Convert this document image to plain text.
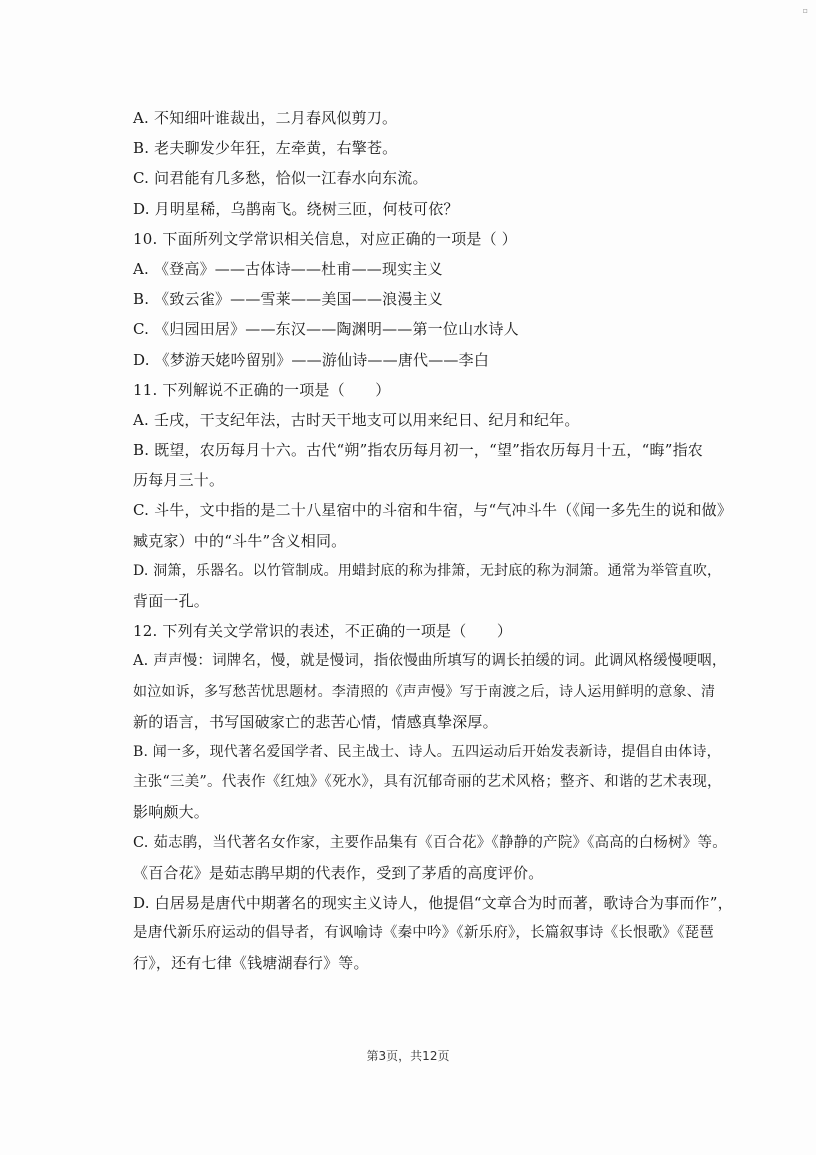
▫
A. 不知细叶谁裁出，二月春风似剪刀。
B. 老夫聊发少年狂，左牵黄，右擎苍。
C. 问君能有几多愁，恰似一江春水向东流。
D. 月明星稀，乌鹊南飞。绕树三匝，何枝可依？
10. 下面所列文学常识相关信息，对应正确的一项是（ ）
A. 《登高》——古体诗——杜甫——现实主义
B. 《致云雀》——雪莱——美国——浪漫主义
C. 《归园田居》——东汉——陶渊明——第一位山水诗人
D. 《梦游天姥吟留别》——游仙诗——唐代——李白
11. 下列解说不正确的一项是（　　）
A. 壬戌，干支纪年法，古时天干地支可以用来纪日、纪月和纪年。
B. 既望，农历每月十六。古代“朔”指农历每月初一，“望”指农历每月十五，“晦”指农
历每月三十。
C. 斗牛，文中指的是二十八星宿中的斗宿和牛宿，与“气冲斗牛（《闻一多先生的说和做》
臧克家）中的“斗牛”含义相同。
D. 洞箫，乐器名。以竹管制成。用蜡封底的称为排箫，无封底的称为洞箫。通常为举管直吹，
背面一孔。
12. 下列有关文学常识的表述，不正确的一项是（　　）
A. 声声慢：词牌名，慢，就是慢词，指依慢曲所填写的调长拍缓的词。此调风格缓慢哽咽，
如泣如诉，多写愁苦忧思题材。李清照的《声声慢》写于南渡之后，诗人运用鲜明的意象、清
新的语言，书写国破家亡的悲苦心情，情感真挚深厚。
B. 闻一多，现代著名爱国学者、民主战士、诗人。五四运动后开始发表新诗，提倡自由体诗，
主张“三美”。代表作《红烛》《死水》，具有沉郁奇丽的艺术风格；整齐、和谐的艺术表现，
影响颇大。
C. 茹志鹃，当代著名女作家，主要作品集有《百合花》《静静的产院》《高高的白杨树》等。
《百合花》是茹志鹃早期的代表作，受到了茅盾的高度评价。
D. 白居易是唐代中期著名的现实主义诗人，他提倡“文章合为时而著，歌诗合为事而作”，
是唐代新乐府运动的倡导者，有讽喻诗《秦中吟》《新乐府》，长篇叙事诗《长恨歌》《琵琶
行》，还有七律《钱塘湖春行》等。
第3页，共12页
